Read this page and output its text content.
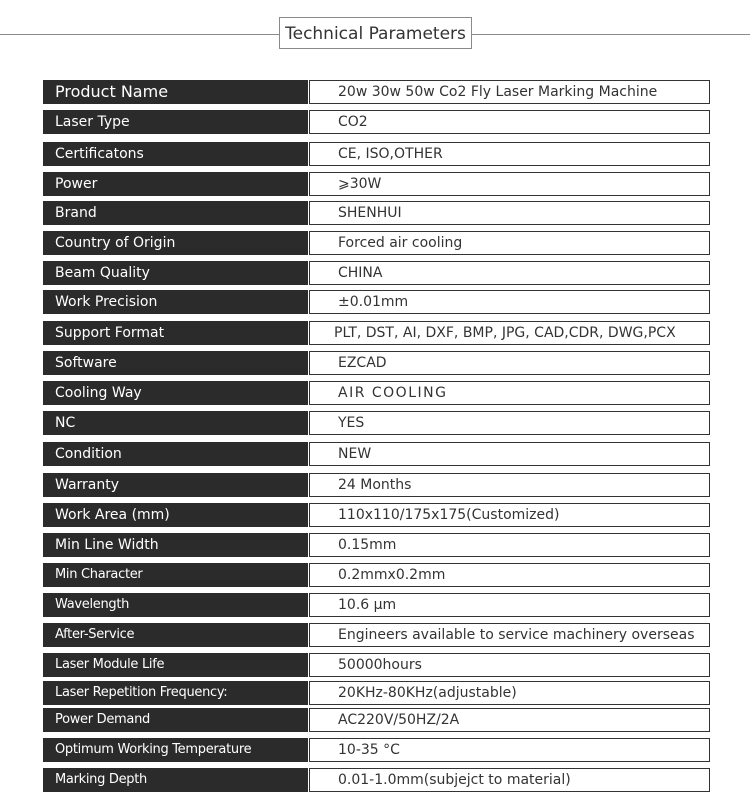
Technical Parameters
Product Name	20w 30w 50w Co2 Fly Laser Marking Machine
Laser Type	CO2
Certificatons	CE, ISO,OTHER
Power	⩾30W
Brand	SHENHUI
Country of Origin	Forced air cooling
Beam Quality	CHINA
Work Precision	±0.01mm
Support Format	PLT, DST, AI, DXF, BMP, JPG, CAD,CDR, DWG,PCX
Software	EZCAD
Cooling Way	AIR COOLING
NC	YES
Condition	NEW
Warranty	24 Months
Work Area (mm)	110x110/175x175(Customized)
Min Line Width	0.15mm
Min Character	0.2mmx0.2mm
Wavelength	10.6 μm
After-Service	Engineers available to service machinery overseas
Laser Module Life	50000hours
Laser Repetition Frequency:	20KHz-80KHz(adjustable)
Power Demand	AC220V/50HZ/2A
Optimum Working Temperature	10-35 °C
Marking Depth	0.01-1.0mm(subjejct to material)
